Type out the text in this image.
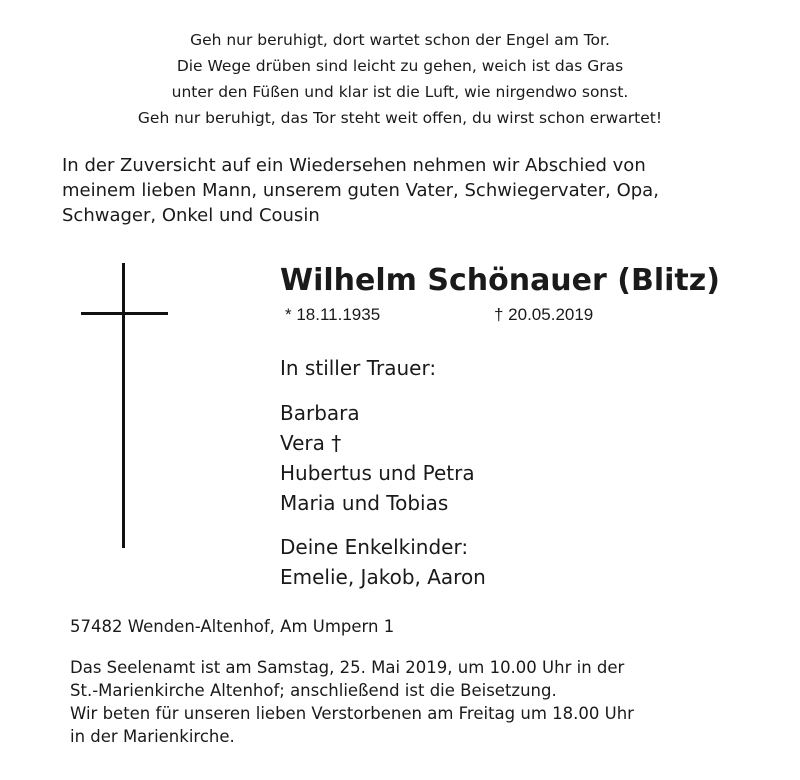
Geh nur beruhigt, dort wartet schon der Engel am Tor.
Die Wege drüben sind leicht zu gehen, weich ist das Gras
unter den Füßen und klar ist die Luft, wie nirgendwo sonst.
Geh nur beruhigt, das Tor steht weit offen, du wirst schon erwartet!
In der Zuversicht auf ein Wiedersehen nehmen wir Abschied von
meinem lieben Mann, unserem guten Vater, Schwiegervater, Opa,
Schwager, Onkel und Cousin
Wilhelm Schönauer (Blitz)
* 18.11.1935	† 20.05.2019
In stiller Trauer:
Barbara
Vera †
Hubertus und Petra
Maria und Tobias
Deine Enkelkinder:
Emelie, Jakob, Aaron
57482 Wenden-Altenhof, Am Umpern 1
Das Seelenamt ist am Samstag, 25. Mai 2019, um 10.00 Uhr in der
St.-Marienkirche Altenhof; anschließend ist die Beisetzung.
Wir beten für unseren lieben Verstorbenen am Freitag um 18.00 Uhr
in der Marienkirche.
